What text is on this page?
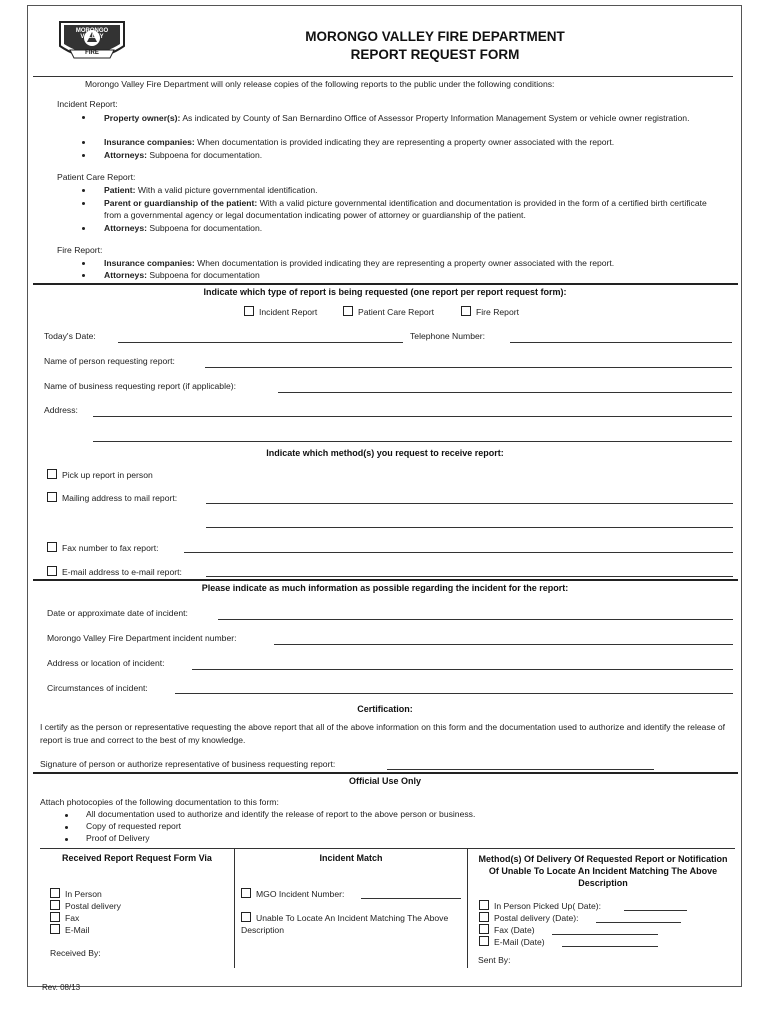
MORONGO VALLEY
FIRE
MORONGO VALLEY FIRE DEPARTMENT
REPORT REQUEST FORM
Morongo Valley Fire Department will only release copies of the following reports to the public under the following conditions:
Incident Report:
Property owner(s): As indicated by County of San Bernardino Office of Assessor Property Information Management System or vehicle owner registration.
Insurance companies: When documentation is provided indicating they are representing a property owner associated with the report.
Attorneys: Subpoena for documentation.
Patient Care Report:
Patient: With a valid picture governmental identification.
Parent or guardianship of the patient: With a valid picture governmental identification and documentation is provided in the form of a certified birth certificate from a governmental agency or legal documentation indicating power of attorney or guardianship of the patient.
Attorneys: Subpoena for documentation.
Fire Report:
Insurance companies: When documentation is provided indicating they are representing a property owner associated with the report.
Attorneys: Subpoena for documentation
Indicate which type of report is being requested (one report per report request form):
Incident Report	Patient Care Report	Fire Report
Today's Date:	Telephone Number:
Name of person requesting report:
Name of business requesting report (if applicable):
Address:
Indicate which method(s) you request to receive report:
Pick up report in person
Mailing address to mail report:
Fax number to fax report:
E-mail address to e-mail report:
Please indicate as much information as possible regarding the incident for the report:
Date or approximate date of incident:
Morongo Valley Fire Department incident number:
Address or location of incident:
Circumstances of incident:
Certification:
I certify as the person or representative requesting the above report that all of the above information on this form and the documentation used to authorize and identify the release of report is true and correct to the best of my knowledge.
Signature of person or authorize representative of business requesting report:
Official Use Only
Attach photocopies of the following documentation to this form:
All documentation used to authorize and identify the release of report to the above person or business.
Copy of requested report
Proof of Delivery
Received Report Request Form Via
In Person
Postal delivery
Fax
E-Mail
Received By:
Incident Match
MGO Incident Number:
Unable To Locate An Incident Matching The Above Description
Method(s) Of Delivery Of Requested Report or Notification Of Unable To Locate An Incident Matching The Above Description
In Person Picked Up( Date):
Postal delivery (Date):
Fax (Date)
E-Mail (Date)
Sent By:
Rev. 08/13
